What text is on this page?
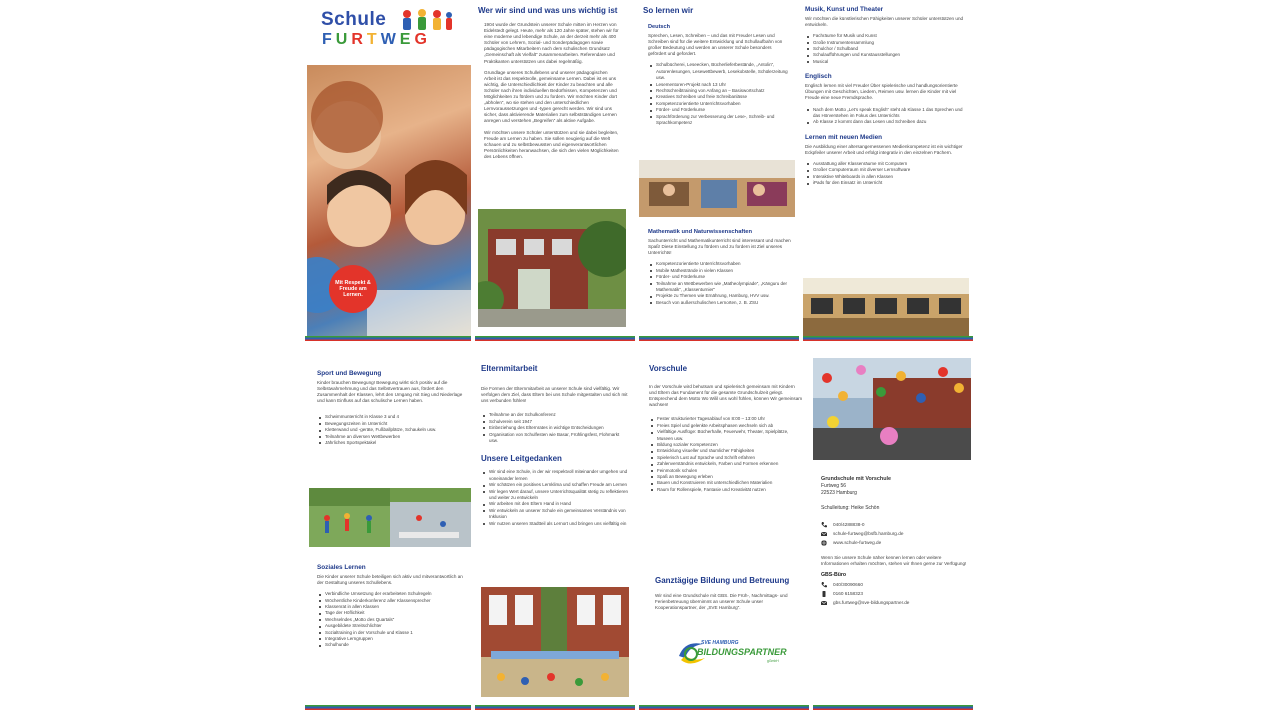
Schule
F U R T W E G
Mit Respekt & Freude am Lernen.
Wer wir sind und was uns wichtig ist

1904 wurde der Grundstein unserer Schule mitten im Herzen von Eidelstedt gelegt. Heute, mehr als 120 Jahre später, stehen wir für eine moderne und lebendige Schule, an der derzeit mehr als 400 Schüler von Lehrern, Sozial- und Sonderpädagogen sowie pädagogischen Mitarbeitern nach dem schulischen Grundsatz „Gemeinschaft als Vielfalt“ zusammenarbeiten. Referendare und Praktikanten unterstützen uns dabei regelmäßig.

Grundlage unseres Schullebens und unserer pädagogischen Arbeit ist das respektvolle, gemeinsame Lernen. Dabei ist es uns wichtig, die Unterschiedlichkeit der Kinder zu beachten und alle Schüler nach ihren individuellen Bedürfnissen, Kompetenzen und Möglichkeiten zu fördern und zu fordern. Wir möchten Kinder dort „abholen“, wo sie stehen und den unterschiedlichen Lernvoraussetzungen und -typen gerecht werden. Wir sind uns sicher, dass aktivierende Materialien zum selbstständigen Lernen anregen und verstehen „Begreifen“ als aktive Aufgabe.

Wir möchten unsere Schüler unterstützen und sie dabei begleiten, Freude am Lernen zu haben. Sie sollen neugierig auf die Welt schauen und zu selbstbewussten und eigenverantwortlichen Persönlichkeiten heranwachsen, die sich den vielen Möglichkeiten des Lebens öffnen.

So lernen wir
Deutsch

Sprechen, Lesen, Schreiben – und das mit Freude! Lesen und Schreiben sind für die weitere Entwicklung und Schullaufbahn von großer Bedeutung und werden an unserer Schule besonders gefördert und gefordert.

Schulbücherei, Leseecken, Bücherlieferbestände, „Antolin“, Autorenlesungen, Lesewettbewerb, Lesekobstelle, Schülerzeitung usw.
Lesementoren-Projekt nach 13 Uhr
Rechtschreibtraining von Anfang an – Basiswortschatz
Kreatives Schreiben und freie Schreibanlässe
Kompetenzorientierte Unterrichtsvorhaben
Förder- und Förderkurse
Sprachförderung zur Verbesserung der Lese-, Schreib- und Sprachkompetenz
Mathematik und Naturwissenschaften

Sachunterricht und Mathematikunterricht sind interessant und machen Spaß! Diese Einstellung zu fördern und zu fordern ist Ziel unseres Unterrichts!

Kompetenzorientierte Unterrichtsvorhaben
Mobile Mathestrände in vielen Klassen
Förder- und Förderkurse
Teilnahme an Wettbewerben wie „Matheolympiade“, „Känguru der Mathematik“, „Klassenturnier“
Projekte zu Themen wie Ernährung, Hamburg, HVV usw.
Besuch von außerschulischen Lernorten, z. B. ZSU
Musik, Kunst und Theater

Wir möchten die künstlerischen Fähigkeiten unserer Schüler unterstützen und entwickeln.

Fachräume für Musik und Kunst
Große Instrumentensammlung
Schulchor / Schulband
Schulaufführungen und Kunstausstellungen
Musical
Englisch

Englisch lernen mit viel Freude! Über spielerische und handlungsorientierte Übungen mit Geschichten, Liedern, Reimen usw. lernen die Kinder mit viel Freude eine neue Fremdsprache.

Nach dem Motto „Let’s speak English“ steht ab Klasse 1 das Sprechen und das Hörverstehen im Fokus des Unterrichts
Ab Klasse 2 kommt dann das Lesen und Schreiben dazu
Lernen mit neuen Medien

Die Ausbildung einer altersangemessenen Medienkompetenz ist ein wichtiger Eckpfeiler unserer Arbeit und erfolgt integrativ in den einzelnen Fächern.

Ausstattung aller Klassenräume mit Computern
Großer Computerraum mit diverser Lernsoftware
Interaktive Whiteboards in allen Klassen
iPads für den Einsatz im Unterricht
Sport und Bewegung

Kinder brauchen Bewegung! Bewegung wirkt sich positiv auf die Selbstwahrnehmung und das Selbstvertrauen aus, fördert den Zusammenhalt der Klassen, lehrt den Umgang mit Sieg und Niederlage und kann Einfluss auf das schulische Lernen haben.

Schwimmunterricht in Klasse 3 und 4
Bewegungszeiten im Unterricht
Kletterwand und -geräte, Fußballplätze, Schaukeln usw.
Teilnahme an diversen Wettbewerben
Jährliches Sportspektakel
Soziales Lernen

Die Kinder unserer Schule beteiligen sich aktiv und mitverantwortlich an der Gestaltung unseres Schullebens.

Verbindliche Umsetzung der erarbeiteten Schulregeln
Wöchentliche Kinderkonferenz aller Klassensprecher
Klassenrat in allen Klassen
Tage der Höflichkeit
Wechselndes „Motto des Quartals“
Ausgebildete Streitschlichter
Sozialtraining in der Vorschule und Klasse 1
Integrative Lerngruppen
Schulhunde
Elternmitarbeit

Die Formen der Elternmitarbeit an unserer Schule sind vielfältig. Wir verfolgen dem Ziel, dass Eltern bei uns Schule mitgestalten und sich mit uns verbunden fühlen!

Teilnahme an der Schulkonferenz
Schulverein seit 1947
Einbeziehung des Elternrates in wichtige Entscheidungen
Organisation von Schulfesten wie Basar, Frühlingsfest, Flohmarkt usw.
Unsere Leitgedanken
Wir sind eine Schule, in der wir respektvoll miteinander umgehen und voneinander lernen
Wir schätzen ein positives Lernklima und schaffen Freude am Lernen
Wir legen Wert darauf, unsere Unterrichtsqualität stetig zu reflektieren und weiter zu entwickeln
Wir arbeiten mit den Eltern Hand in Hand
Wir entwickeln an unserer Schule ein gemeinsames Verständnis von Inklusion
Wir nutzen unseren Stadtteil als Lernort und bringen uns vielfältig ein
Vorschule

In der Vorschule wird behutsam und spielerisch gemeinsam mit Kindern und Eltern das Fundament für die gesamte Grundschulzeit gelegt. Entsprechend dem Motto Wo Wilil uns wohl fühlen, können Wir gemeinsam wachsen!

Fester strukturierter Tagesablauf von 8:00 – 13:00 Uhr
Freies Spiel und gelenkte Arbeitsphasen wechseln sich ab
Vielfältige Ausflüge: Bücherhalle, Feuerwehr, Theater, Spielplätze, Museen usw.
Bildung sozialer Kompetenzen
Entwicklung visueller und räumlicher Fähigkeiten
Spielerisch Lust auf Sprache und Schrift erfahren
Zahlenverständnis entwickeln, Farben und Formen erkennen
Feinmotorik schulen
Spaß an Bewegung erleben
Bauen und Konstruieren mit unterschiedlichen Materialien
Raum für Rollenspiele, Fantasie und Kreativität nutzen
Ganztägige Bildung und Betreuung

Wir sind eine Grundschule mit GBS. Die Früh-, Nachmittags- und Ferienbetreuung übernimmt an unserer Schule unser Kooperationspartner, der „SVE Hamburg“.

SVE HAMBURG
BILDUNGSPARTNER
gGmbH
Grundschule mit Vorschule
Furtweg 56
22523 Hamburg
Schulleitung: Heike Schön
040/4288838-0
schule-furtweg@bsfb.hamburg.de
www.schule-furtweg.de

Wenn Sie unsere Schule näher kennen lernen oder weitere Informationen erhalten möchten, stehen wir Ihnen gerne zur Verfügung!

GBS-Büro
040/30090660
0160 6158323
gbs.furtweg@sve-bildungspartner.de
